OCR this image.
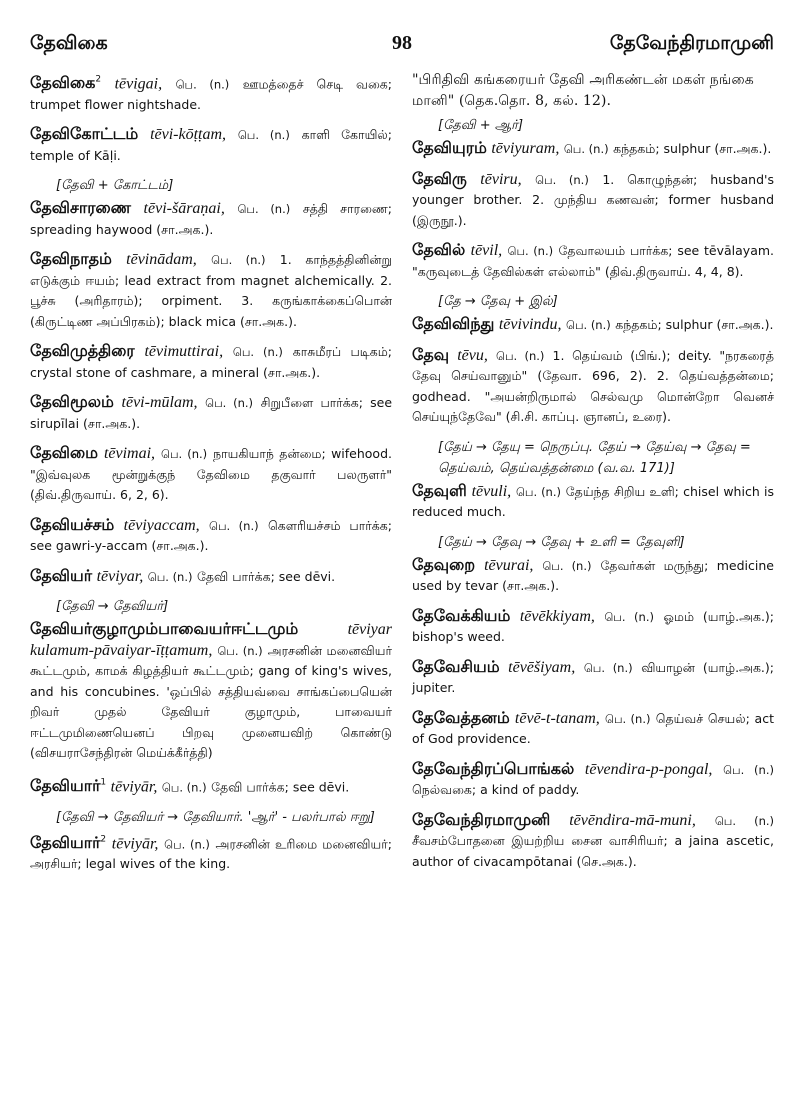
தேவிகை	98	தேவேந்திரமாமுனி
தேவிகை$^2$ tēvigai, பெ. (n.) ஊமத்தைச் செடி வகை; trumpet flower nightshade.
தேவிகோட்டம் tēvi-kōṭṭam, பெ. (n.) காளி கோயில்; temple of Kāḷi.
[தேவி + கோட்டம்]
தேவிசாரணை tēvi-šāraṇai, பெ. (n.) சத்தி சாரணை; spreading haywood (சா.அக.).
தேவிநாதம் tēvinādam, பெ. (n.) 1. காந்தத்தினின்று எடுக்கும் ஈயம்; lead extract from magnet alchemically. 2. பூச்சு (அரிதாரம்); orpiment. 3. கருங்காக்கைப்பொன் (கிருட்டிண அப்பிரகம்); black mica (சா.அக.).
தேவிமுத்திரை tēvimuttirai, பெ. (n.) காசுமீரப் படிகம்; crystal stone of cashmare, a mineral (சா.அக.).
தேவிமூலம் tēvi-mūlam, பெ. (n.) சிறுபீளை பார்க்க; see sirupīlai (சா.அக.).
தேவிமை tēvimai, பெ. (n.) நாயகியாந் தன்மை; wifehood. "இவ்வுலக மூன்றுக்குந் தேவிமை தகுவார் பலருளர்" (திவ்.திருவாய். 6, 2, 6).
தேவியச்சம் tēviyaccam, பெ. (n.) கௌரியச்சம் பார்க்க; see gawri-y-accam (சா.அக.).
தேவியர் tēviyar, பெ. (n.) தேவி பார்க்க; see dēvi.
[தேவி → தேவியர்]
தேவியர்குழாமும்பாவையர்ஈட்டமும்	tēviyar kulamum-pāvaiyar-īṭṭamum, பெ. (n.) அரசனின் மனைவியர் கூட்டமும், காமக் கிழத்தியர் கூட்டமும்; gang of king's wives, and his concubines. 'ஒப்பில் சத்தியவ்வை சாங்கப்பையென் றிவர் முதல் தேவியர் குழாமும், பாவையர் ஈட்டமுமிணையெனப் பிறவு முனையவிற் கொண்டு (விசயராசேந்திரன் மெய்க்கீர்த்தி)
தேவியார்$^1$ tēviyār, பெ. (n.) தேவி பார்க்க; see dēvi.
[தேவி → தேவியர் → தேவியார். 'ஆர்' - பலர்பால் ஈறு]
தேவியார்$^2$ tēviyār, பெ. (n.) அரசனின் உரிமை மனைவியர்; அரசியர்; legal wives of the king.
"பிரிதிவி கங்கரையர் தேவி அரிகண்டன் மகள் நங்கை மானி" (தெக.தொ. 8, கல். 12).
[தேவி + ஆர்]
தேவியுரம் tēviyuram, பெ. (n.) கந்தகம்; sulphur (சா.அக.).
தேவிரு tēviru, பெ. (n.) 1. கொழுந்தன்; husband's younger brother. 2. முந்திய கணவன்; former husband (இருநூ.).
தேவில் tēvil, பெ. (n.) தேவாலயம் பார்க்க; see tēvālayam. "கருவுடைத் தேவில்கள் எல்லாம்" (திவ்.திருவாய். 4, 4, 8).
[தே → தேவு + இல்]
தேவிவிந்து tēvivindu, பெ. (n.) கந்தகம்; sulphur (சா.அக.).
தேவு tēvu, பெ. (n.) 1. தெய்வம் (பிங்.); deity. "நரகரைத் தேவு செய்வானும்" (தேவா. 696, 2). 2. தெய்வத்தன்மை; godhead. "அயன்றிருமால் செல்வமு மொன்றோ வெனச் செய்யுந்தேவே" (சி.சி. காப்பு. ஞானப், உரை).
[தேய் → தேயு = நெருப்பு. தேய் → தேய்வு → தேவு = தெய்வம், தெய்வத்தன்மை (வ.வ. 171)]
தேவுளி tēvuli, பெ. (n.) தேய்ந்த சிறிய உளி; chisel which is reduced much.
[தேய் → தேவு → தேவு + உளி = தேவுளி]
தேவுறை tēvurai, பெ. (n.) தேவர்கள் மருந்து; medicine used by tevar (சா.அக.).
தேவேக்கியம் tēvēkkiyam, பெ. (n.) ஓமம் (யாழ்.அக.); bishop's weed.
தேவேசியம் tēvēšiyam, பெ. (n.) வியாழன் (யாழ்.அக.); jupiter.
தேவேத்தனம் tēvē-t-tanam, பெ. (n.) தெய்வச் செயல்; act of God providence.
தேவேந்திரப்பொங்கல் tēvendira-p-pongal, பெ. (n.) நெல்வகை; a kind of paddy.
தேவேந்திரமாமுனி tēvēndira-mā-muni, பெ. (n.) சீவசம்போதனை இயற்றிய சைன வாசிரியர்; a jaina ascetic, author of civacampōtanai (செ.அக.).
